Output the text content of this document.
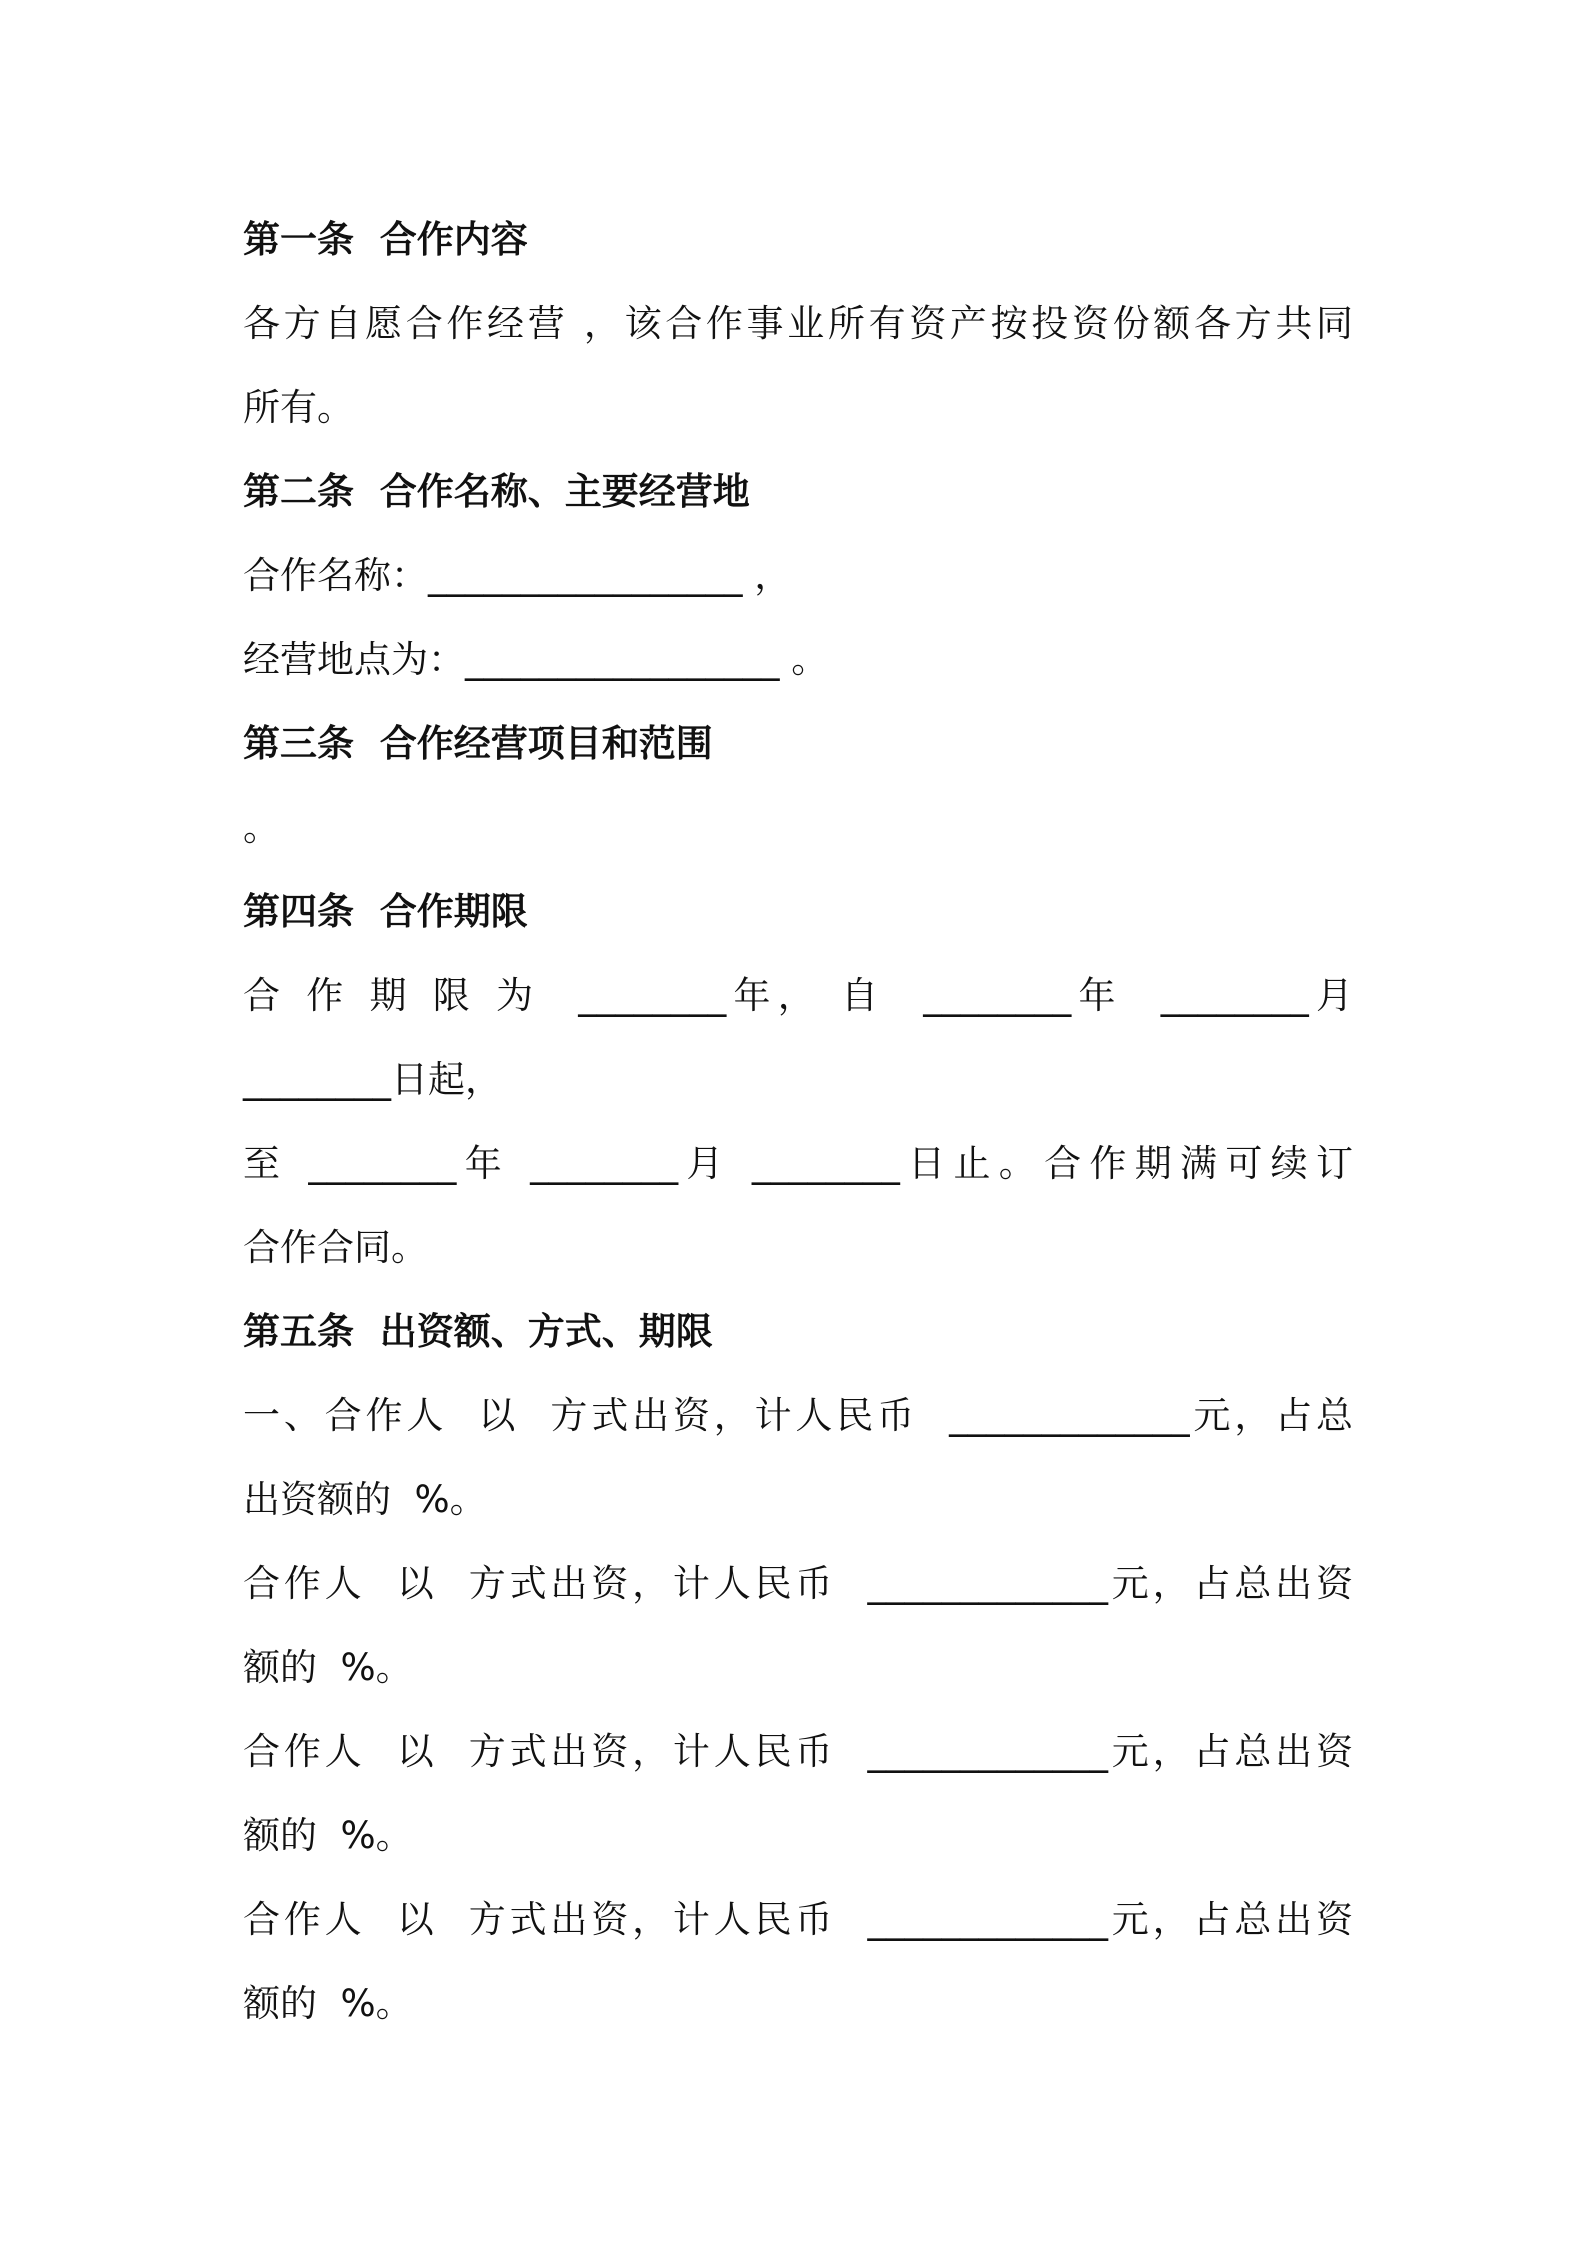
第一条  合作内容
各方自愿合作经营 ，该合作事业所有资产按投资份额各方共同
所有。
第二条  合作名称、主要经营地
合作名称：_________________ ，
经营地点为：_________________ 。
第三条  合作经营项目和范围
。
第四条  合作期限
合 作 期 限 为  ________年， 自  ________年  ________月
________日起，
至 ________年 ________月 ________日止。合作期满可续订
合作合同。
第五条  出资额、方式、期限
一、合作人  以  方式出资，计人民币  _____________元，占总
出资额的  %。
合作人  以  方式出资，计人民币  _____________元，占总出资
额的  %。
合作人  以  方式出资，计人民币  _____________元，占总出资
额的  %。
合作人  以  方式出资，计人民币  _____________元，占总出资
额的  %。
